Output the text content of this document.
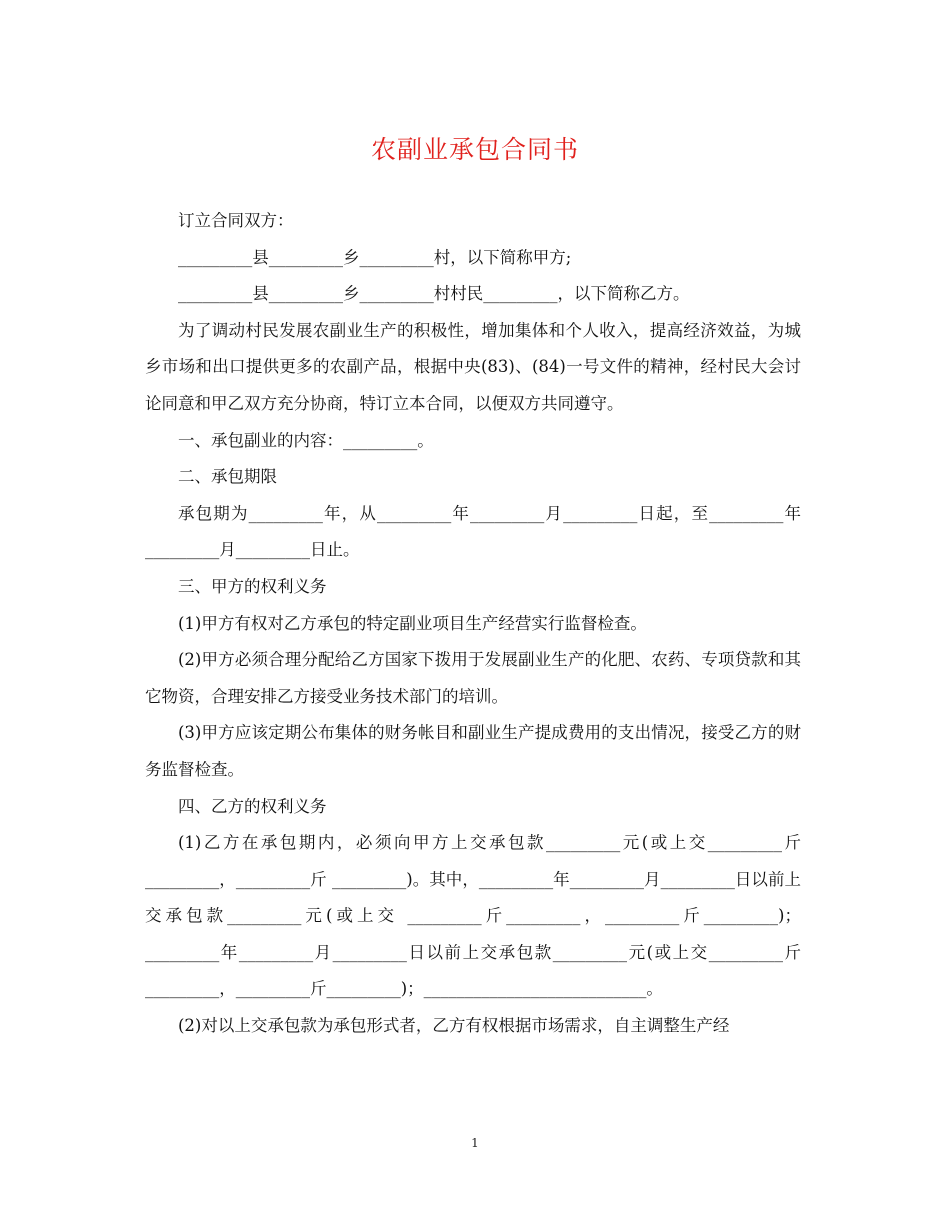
农副业承包合同书

订立合同双方：

_________县_________乡_________村，以下简称甲方;

_________县_________乡_________村村民_________，以下简称乙方。

为了调动村民发展农副业生产的积极性，增加集体和个人收入，提高经济效益，为城乡市场和出口提供更多的农副产品，根据中央(83)、(84)一号文件的精神，经村民大会讨论同意和甲乙双方充分协商，特订立本合同，以便双方共同遵守。

一、承包副业的内容：_________。

二、承包期限

承包期为_________年，从_________年_________月_________日起，至_________年_________月_________日止。

三、甲方的权利义务

(1)甲方有权对乙方承包的特定副业项目生产经营实行监督检查。

(2)甲方必须合理分配给乙方国家下拨用于发展副业生产的化肥、农药、专项贷款和其它物资，合理安排乙方接受业务技术部门的培训。

(3)甲方应该定期公布集体的财务帐目和副业生产提成费用的支出情况，接受乙方的财务监督检查。

四、乙方的权利义务

(1)乙方在承包期内，必须向甲方上交承包款_________元(或上交_________斤_________，_________斤 _________)。其中，_________年_________月_________日以前上交承包款_________元(或上交 _________斤_________，_________斤_________)；_________年_________月_________日以前上交承包款_________元(或上交_________斤_________，_________斤_________)；___________________________。

(2)对以上交承包款为承包形式者，乙方有权根据市场需求，自主调整生产经

1
